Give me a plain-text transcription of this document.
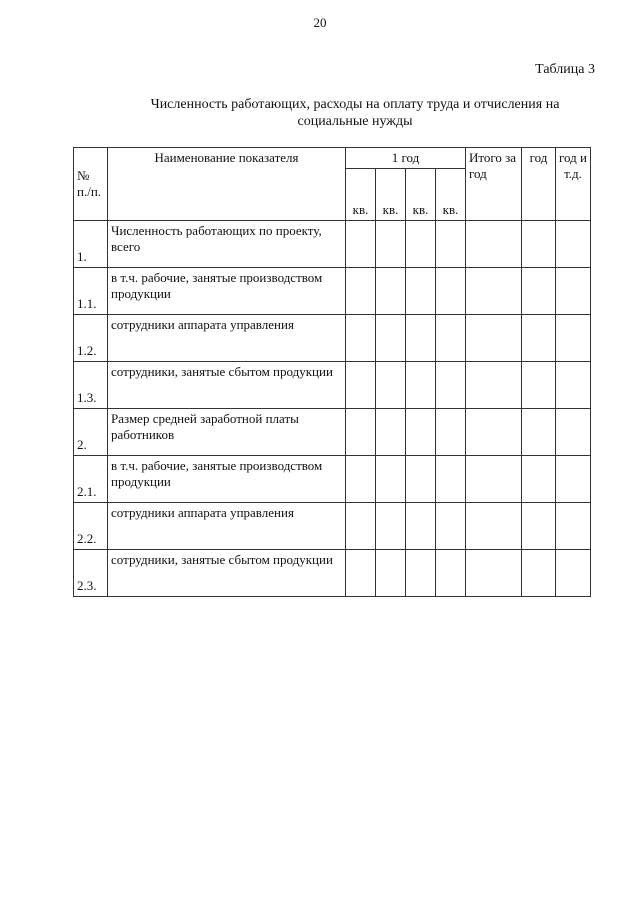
20
Таблица 3
Численность работающих, расходы на оплату труда и отчисления на социальные нужды
№ п./п.	Наименование показателя	1 год				Итого за год	год	год и т.д.
		кв.	кв.	кв.	кв.			
1.	Численность работающих по проекту, всего							
1.1.	в т.ч. рабочие, занятые производством продукции							
1.2.	сотрудники аппарата управления							
1.3.	сотрудники, занятые сбытом продукции							
2.	Размер средней заработной платы работников							
2.1.	в т.ч. рабочие, занятые производством продукции							
2.2.	сотрудники аппарата управления							
2.3.	сотрудники, занятые сбытом продукции							
